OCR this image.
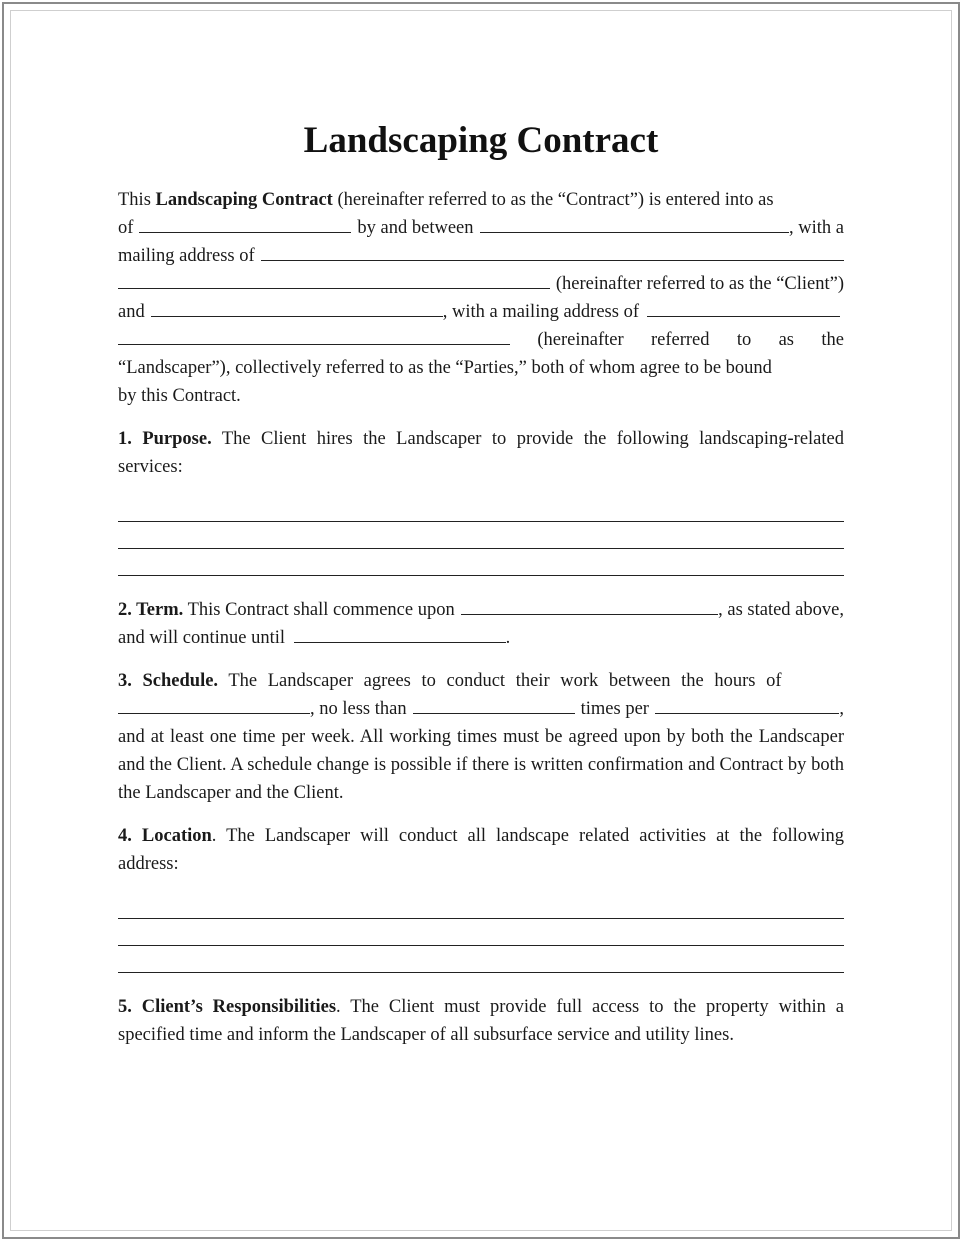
Landscaping Contract
This Landscaping Contract (hereinafter referred to as the “Contract”) is entered into as
of	by and between	, with a
mailing address of
(hereinafter referred to as the “Client”)
and	, with a mailing address of
(hereinafter referred to as the
“Landscaper”), collectively referred to as the “Parties,” both of whom agree to be bound
by this Contract.
1. Purpose. The Client hires the Landscaper to provide the following landscaping-related services:
2. Term. This Contract shall commence upon	, as stated above,
and will continue until	.
3. Schedule. The Landscaper agrees to conduct their work between the hours of
, no less than	times per	,
and at least one time per week. All working times must be agreed upon by both the Landscaper and the Client. A schedule change is possible if there is written confirmation and Contract by both the Landscaper and the Client.
4. Location. The Landscaper will conduct all landscape related activities at the following address:
5. Client’s Responsibilities. The Client must provide full access to the property within a specified time and inform the Landscaper of all subsurface service and utility lines.
